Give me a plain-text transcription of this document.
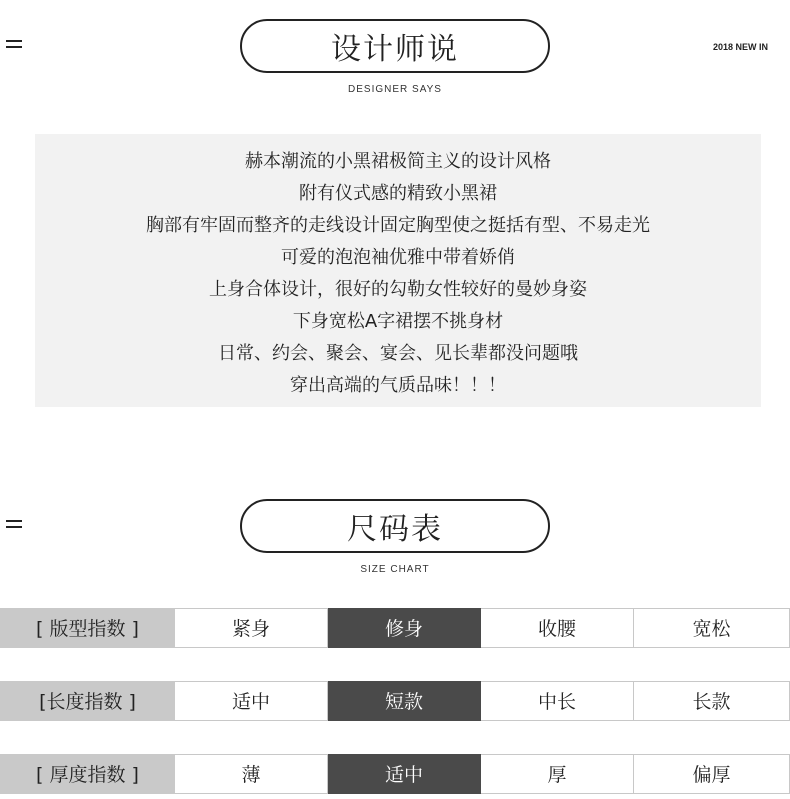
设计师说
DESIGNER SAYS
2018 NEW IN
赫本潮流的小黑裙极简主义的设计风格
附有仪式感的精致小黑裙
胸部有牢固而整齐的走线设计固定胸型使之挺括有型、不易走光
可爱的泡泡袖优雅中带着娇俏
上身合体设计，很好的勾勒女性较好的曼妙身姿
下身宽松A字裙摆不挑身材
日常、约会、聚会、宴会、见长辈都没问题哦
穿出高端的气质品味！！！
尺码表
SIZE CHART
[ 版型指数 ]	紧身	修身	收腰	宽松
[长度指数 ]	适中	短款	中长	长款
[ 厚度指数 ]	薄	适中	厚	偏厚
